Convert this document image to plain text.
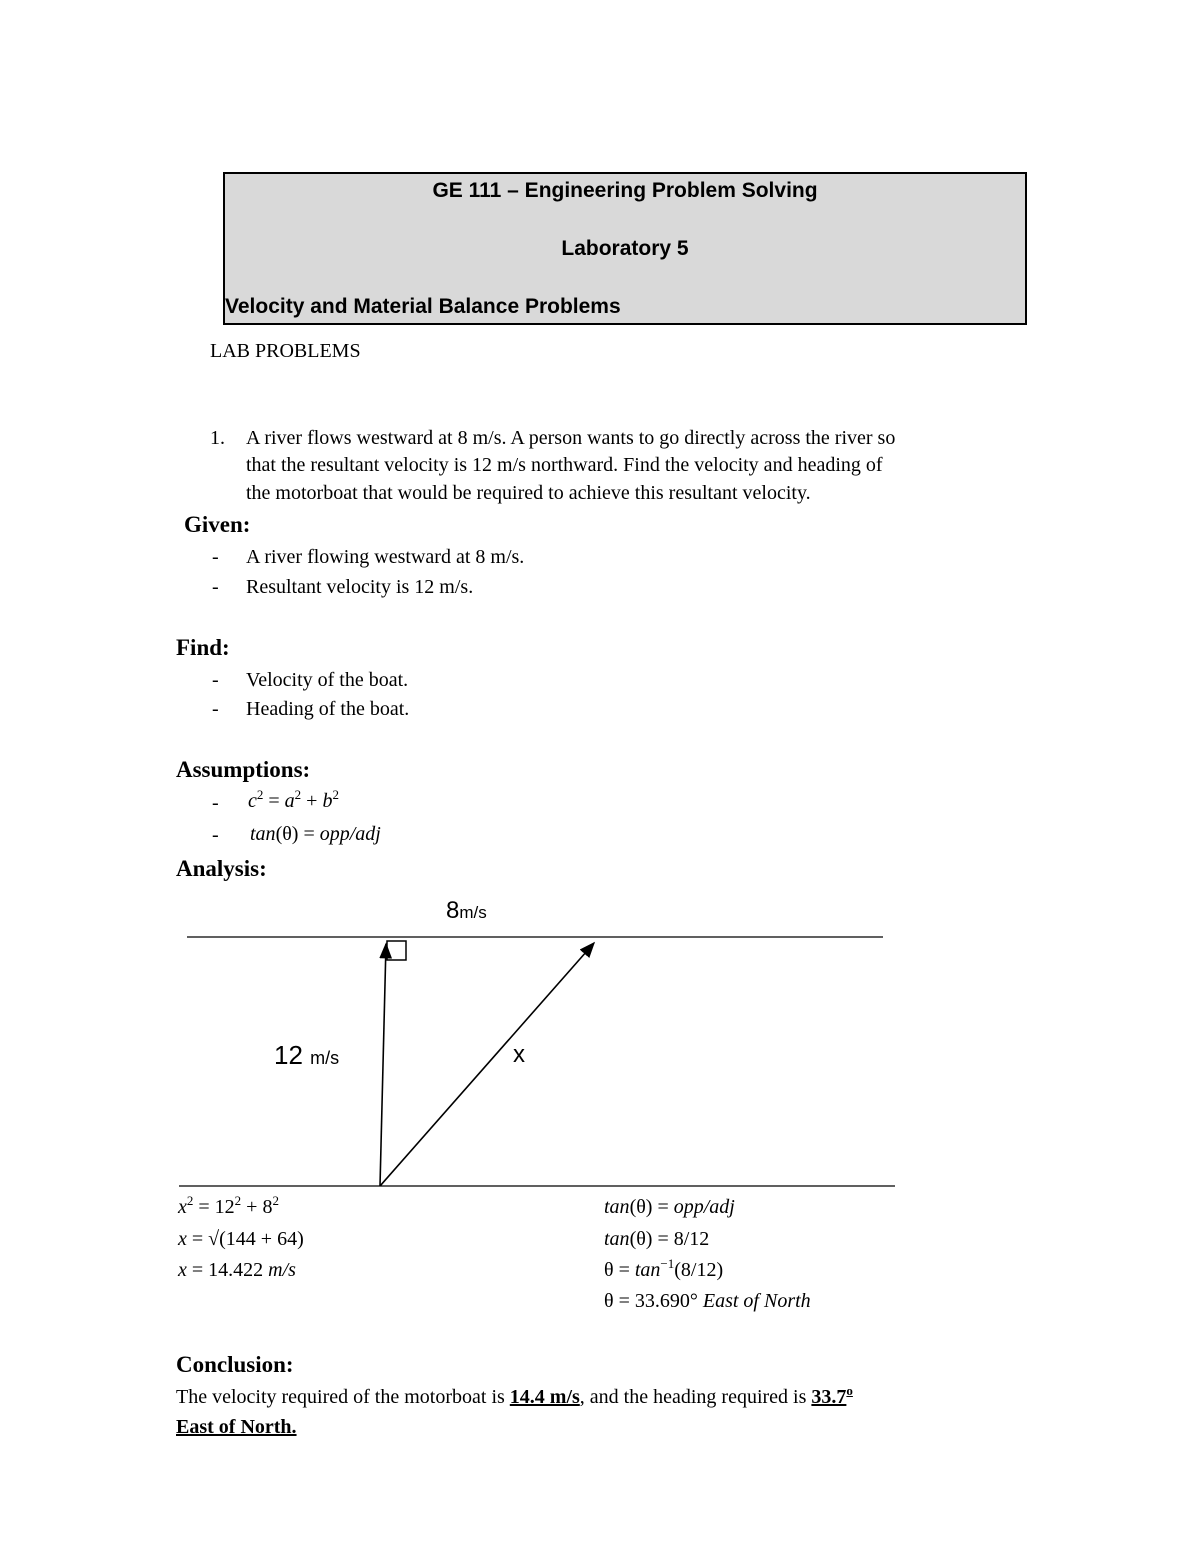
GE 111 – Engineering Problem Solving
Laboratory 5
Velocity and Material Balance Problems
LAB PROBLEMS
1. A river flows westward at 8 m/s. A person wants to go directly across the river so
that the resultant velocity is 12 m/s northward. Find the velocity and heading of
the motorboat that would be required to achieve this resultant velocity.
Given:
- A river flowing westward at 8 m/s.
- Resultant velocity is 12 m/s.
Find:
- Velocity of the boat.
- Heading of the boat.
Assumptions:
- $c^2 = a^2 + b^2$
- tan(θ) = opp/adj
Analysis:
8m/s
12 m/s	x
$x^2 = 12^2 + 8^2$
x = √(144 + 64)
x = 14.422 m/s
tan(θ) = opp/adj
tan(θ) = 8/12
$\theta = \tan^{-1}(8/12)$
θ = 33.690° East of North
Conclusion:
The velocity required of the motorboat is 14.4 m/s, and the heading required is 33.7$^o$
East of North.
